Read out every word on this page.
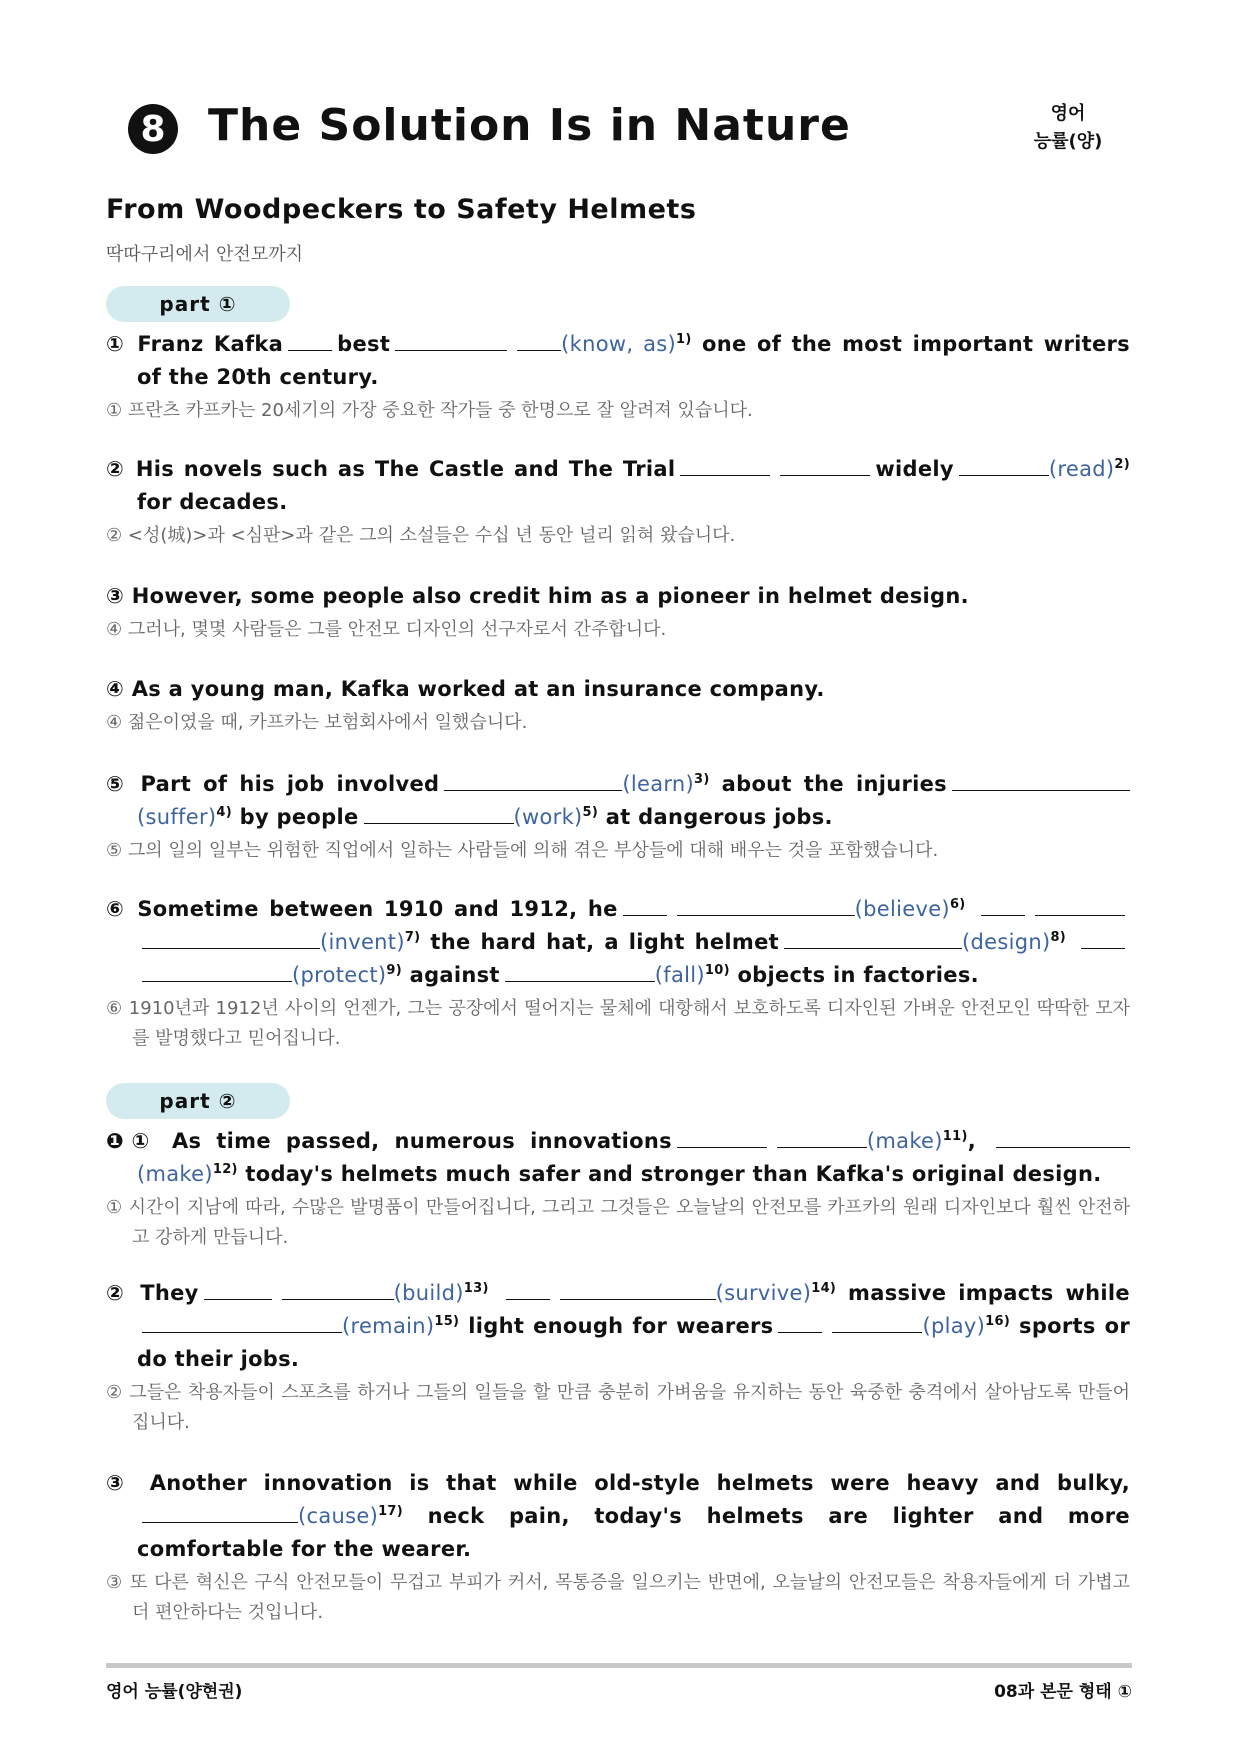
8 The Solution Is in Nature	영어
능률(양)
From Woodpeckers to Safety Helmets
딱따구리에서 안전모까지
part ①
① Franz Kafka	best	(know, as)$^{1)}$ one of the most important writers of the 20th century.
① 프란츠 카프카는 20세기의 가장 중요한 작가들 중 한명으로 잘 알려져 있습니다.
② His novels such as The Castle and The Trial	widely	(read)$^{2)}$ for decades.
② <성(城)>과 <심판>과 같은 그의 소설들은 수십 년 동안 널리 읽혀 왔습니다.
③ However, some people also credit him as a pioneer in helmet design.
④ 그러나, 몇몇 사람들은 그를 안전모 디자인의 선구자로서 간주합니다.
④ As a young man, Kafka worked at an insurance company.
④ 젊은이였을 때, 카프카는 보험회사에서 일했습니다.
⑤ Part of his job involved	(learn)$^{3)}$ about the injuries(suffer)$^{4)}$ by people	(work)$^{5)}$ at dangerous jobs.
⑤ 그의 일의 일부는 위험한 직업에서 일하는 사람들에 의해 겪은 부상들에 대해 배우는 것을 포함했습니다.
⑥ Sometime between 1910 and 1912, he	(believe)$^{6)}$ (invent)$^{7)}$ the hard hat, a light helmet	(design)$^{8)}$ (protect)$^{9)}$ against	(fall)$^{10)}$ objects in factories.
⑥ 1910년과 1912년 사이의 언젠가, 그는 공장에서 떨어지는 물체에 대항해서 보호하도록 디자인된 가벼운 안전모인 딱딱한 모자를 발명했다고 믿어집니다.
part ②
❶① As time passed, numerous innovations	(make)$^{11)}$, (make)$^{12)}$ today's helmets much safer and stronger than Kafka's original design.
① 시간이 지남에 따라, 수많은 발명품이 만들어집니다, 그리고 그것들은 오늘날의 안전모를 카프카의 원래 디자인보다 훨씬 안전하고 강하게 만듭니다.
② They	(build)$^{13)}$	(survive)$^{14)}$ massive impacts while(remain)$^{15)}$ light enough for wearers	(play)$^{16)}$ sports or do their jobs.
② 그들은 착용자들이 스포츠를 하거나 그들의 일들을 할 만큼 충분히 가벼움을 유지하는 동안 육중한 충격에서 살아남도록 만들어집니다.
③ Another innovation is that while old-style helmets were heavy and bulky,(cause)$^{17)}$ neck pain, today's helmets are lighter and more comfortable for the wearer.
③ 또 다른 혁신은 구식 안전모들이 무겁고 부피가 커서, 목통증을 일으키는 반면에, 오늘날의 안전모들은 착용자들에게 더 가볍고 더 편안하다는 것입니다.
영어 능률(양현권)	08과 본문 형태 ①
